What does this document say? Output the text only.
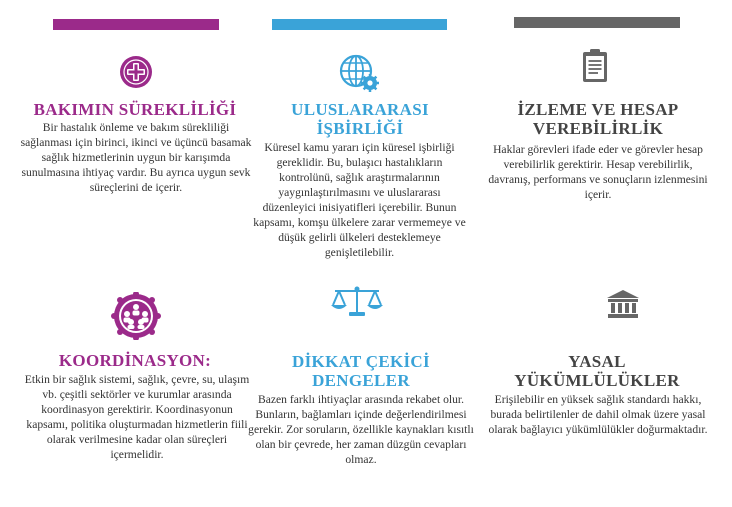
BAKIMIN SÜREKLİLİĞİ
Bir hastalık önleme ve bakım sürekliliği sağlanması için birinci, ikinci ve üçüncü basamak sağlık hizmetlerinin uygun bir karışımda sunulmasına ihtiyaç vardır. Bu ayrıca uygun sevk süreçlerini de içerir.
ULUSLARARASI
İŞBİRLİĞİ
Küresel kamu yararı için küresel işbirliği gereklidir. Bu, bulaşıcı hastalıkların kontrolünü, sağlık araştırmalarının yaygınlaştırılmasını ve uluslararası düzenleyici inisiyatifleri içerebilir. Bunun kapsamı, komşu ülkelere zarar vermemeye ve düşük gelirli ülkeleri desteklemeye genişletilebilir.
İZLEME VE HESAP
VEREBİLİRLİK
Haklar görevleri ifade eder ve görevler hesap verebilirlik gerektirir. Hesap verebilirlik, davranış, performans ve sonuçların izlenmesini içerir.
KOORDİNASYON:
Etkin bir sağlık sistemi, sağlık, çevre, su, ulaşım vb. çeşitli sektörler ve kurumlar arasında koordinasyon gerektirir. Koordinasyonun kapsamı, politika oluşturmadan hizmetlerin fiili olarak verilmesine kadar olan süreçleri içermelidir.
DİKKAT ÇEKİCİ
DENGELER
Bazen farklı ihtiyaçlar arasında rekabet olur. Bunların, bağlamları içinde değerlendirilmesi gerekir. Zor soruların, özellikle kaynakları kısıtlı olan bir çevrede, her zaman düzgün cevapları olmaz.
YASAL
YÜKÜMLÜLÜKLER
Erişilebilir en yüksek sağlık standardı hakkı, burada belirtilenler de dahil olmak üzere yasal olarak bağlayıcı yükümlülükler doğurmaktadır.
